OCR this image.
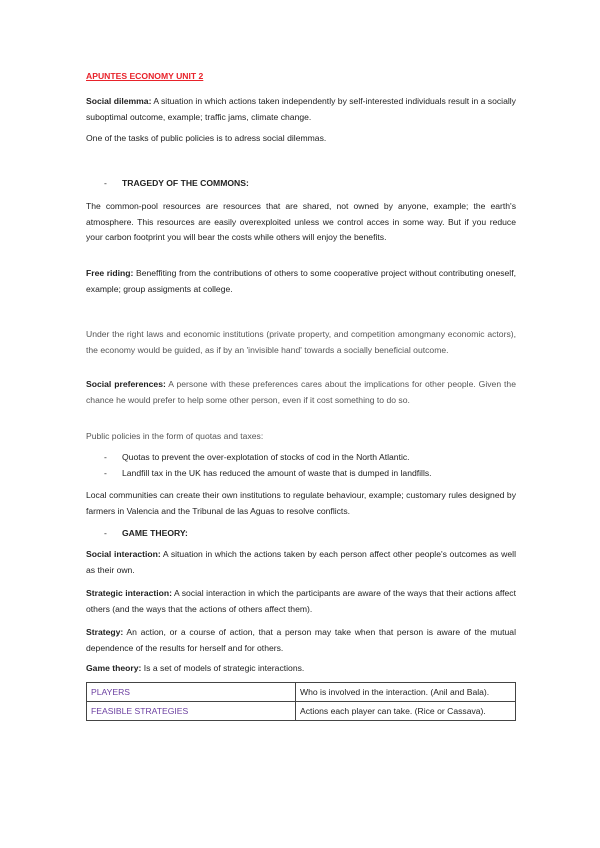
APUNTES ECONOMY UNIT 2
Social dilemma: A situation in which actions taken independently by self-interested individuals result in a socially suboptimal outcome, example; traffic jams, climate change.
One of the tasks of public policies is to adress social dilemmas.
- TRAGEDY OF THE COMMONS:
The common-pool resources are resources that are shared, not owned by anyone, example; the earth's atmosphere. This resources are easily overexploited unless we control acces in some way. But if you reduce your carbon footprint you will bear the costs while others will enjoy the benefits.
Free riding: Beneffiting from the contributions of others to some cooperative project without contributing oneself, example; group assigments at college.
Under the right laws and economic institutions (private property, and competition amongmany economic actors), the economy would be guided, as if by an 'invisible hand' towards a socially beneficial outcome.
Social preferences: A persone with these preferences cares about the implications for other people. Given the chance he would prefer to help some other person, even if it cost something to do so.
Public policies in the form of quotas and taxes:
- Quotas to prevent the over-explotation of stocks of cod in the North Atlantic.
- Landfill tax in the UK has reduced the amount of waste that is dumped in landfills.
Local communities can create their own institutions to regulate behaviour, example; customary rules designed by farmers in Valencia and the Tribunal de las Aguas to resolve conflicts.
- GAME THEORY:
Social interaction: A situation in which the actions taken by each person affect other people's outcomes as well as their own.
Strategic interaction: A social interaction in which the participants are aware of the ways that their actions affect others (and the ways that the actions of others affect them).
Strategy: An action, or a course of action, that a person may take when that person is aware of the mutual dependence of the results for herself and for others.
Game theory: Is a set of models of strategic interactions.
PLAYERS	Who is involved in the interaction. (Anil and Bala).
FEASIBLE STRATEGIES	Actions each player can take. (Rice or Cassava).
